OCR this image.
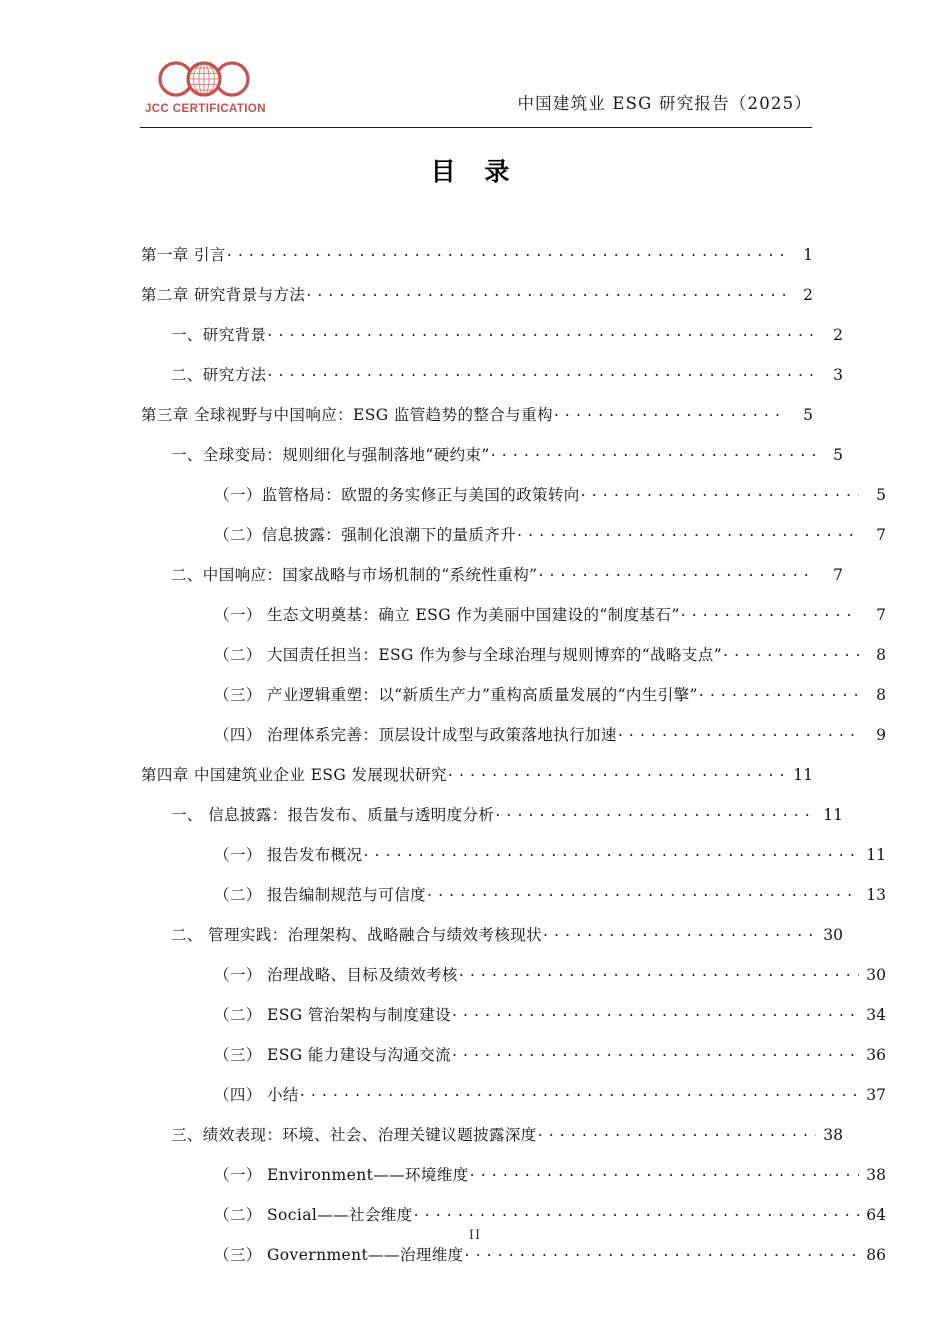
JCC CERTIFICATION	中国建筑业 ESG 研究报告（2025）
目 录
第一章 引言 . . .	1
第二章 研究背景与方法 . . .	2
一、研究背景 . . .	2
二、研究方法 . . .	3
第三章 全球视野与中国响应：ESG 监管趋势的整合与重构 . . .	5
一、全球变局：规则细化与强制落地“硬约束” . . .	5
（一）监管格局：欧盟的务实修正与美国的政策转向 . . .	5
（二）信息披露：强制化浪潮下的量质齐升 . . .	7
二、中国响应：国家战略与市场机制的“系统性重构” . . .	7
（一） 生态文明奠基：确立 ESG 作为美丽中国建设的“制度基石” . . .	7
（二） 大国责任担当：ESG 作为参与全球治理与规则博弈的“战略支点” . . .	8
（三） 产业逻辑重塑：以“新质生产力”重构高质量发展的“内生引擎” . . .	8
（四） 治理体系完善：顶层设计成型与政策落地执行加速 . . .	9
第四章 中国建筑业企业 ESG 发展现状研究 . . .	11
一、 信息披露：报告发布、质量与透明度分析 . . .	11
（一） 报告发布概况 . . .	11
（二） 报告编制规范与可信度 . . .	13
二、 管理实践：治理架构、战略融合与绩效考核现状 . . .	30
（一） 治理战略、目标及绩效考核 . . .	30
（二） ESG 管治架构与制度建设 . . .	34
（三） ESG 能力建设与沟通交流 . . .	36
（四） 小结 . . .	37
三、绩效表现：环境、社会、治理关键议题披露深度 . . .	38
（一） Environment——环境维度 . . .	38
（二） Social——社会维度 . . .	64
（三） Government——治理维度 . . .	86
II
